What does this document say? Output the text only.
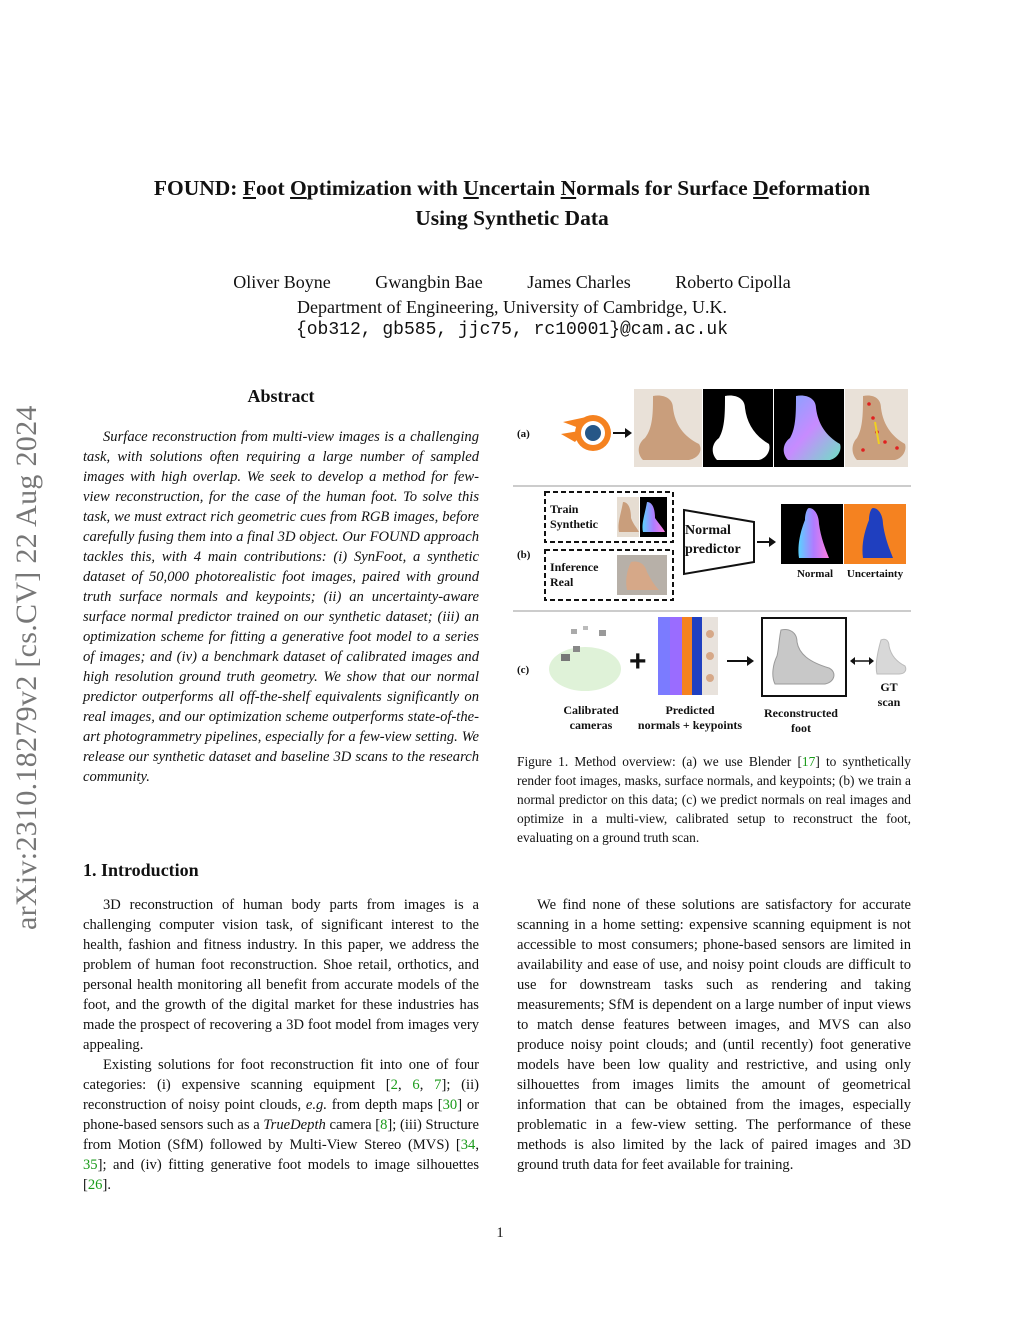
FOUND: Foot Optimization with Uncertain Normals for Surface Deformation
Using Synthetic Data
Oliver Boyne Gwangbin Bae James Charles Roberto Cipolla
Department of Engineering, University of Cambridge, U.K.
{ob312, gb585, jjc75, rc10001}@cam.ac.uk
arXiv:2310.18279v2 [cs.CV] 22 Aug 2024
Abstract
Surface reconstruction from multi-view images is a challenging task, with solutions often requiring a large number of sampled images with high overlap. We seek to develop a method for few-view reconstruction, for the case of the human foot. To solve this task, we must extract rich geometric cues from RGB images, before carefully fusing them into a final 3D object. Our FOUND approach tackles this, with 4 main contributions: (i) SynFoot, a synthetic dataset of 50,000 photorealistic foot images, paired with ground truth surface normals and keypoints; (ii) an uncertainty-aware surface normal predictor trained on our synthetic dataset; (iii) an optimization scheme for fitting a generative foot model to a series of images; and (iv) a benchmark dataset of calibrated images and high resolution ground truth geometry. We show that our normal predictor outperforms all off-the-shelf equivalents significantly on real images, and our optimization scheme outperforms state-of-the-art photogrammetry pipelines, especially for a few-view setting. We release our synthetic dataset and baseline 3D scans to the research community.
+
(a)
(b)
(c)
Train
Synthetic
Inference
Real
Normal
predictor
Normal	Uncertainty
Calibrated
cameras
Predicted
normals + keypoints
Reconstructed
foot
GT
scan
Figure 1. Method overview: (a) we use Blender [17] to synthetically render foot images, masks, surface normals, and keypoints; (b) we train a normal predictor on this data; (c) we predict normals on real images and optimize in a multi-view, calibrated setup to reconstruct the foot, evaluating on a ground truth scan.
1. Introduction

3D reconstruction of human body parts from images is a challenging computer vision task, of significant interest to the health, fashion and fitness industry. In this paper, we address the problem of human foot reconstruction. Shoe retail, orthotics, and personal health monitoring all benefit from accurate models of the foot, and the growth of the digital market for these industries has made the prospect of recovering a 3D foot model from images very appealing.

Existing solutions for foot reconstruction fit into one of four categories: (i) expensive scanning equipment [2, 6, 7]; (ii) reconstruction of noisy point clouds, e.g. from depth maps [30] or phone-based sensors such as a TrueDepth camera [8]; (iii) Structure from Motion (SfM) followed by Multi-View Stereo (MVS) [34, 35]; and (iv) fitting generative foot models to image silhouettes [26].

We find none of these solutions are satisfactory for accurate scanning in a home setting: expensive scanning equipment is not accessible to most consumers; phone-based sensors are limited in availability and ease of use, and noisy point clouds are difficult to use for downstream tasks such as rendering and taking measurements; SfM is dependent on a large number of input views to match dense features between images, and MVS can also produce noisy point clouds; and (until recently) foot generative models have been low quality and restrictive, and using only silhouettes from images limits the amount of geometrical information that can be obtained from the images, especially problematic in a few-view setting. The performance of these methods is also limited by the lack of paired images and 3D ground truth data for feet available for training.

1
